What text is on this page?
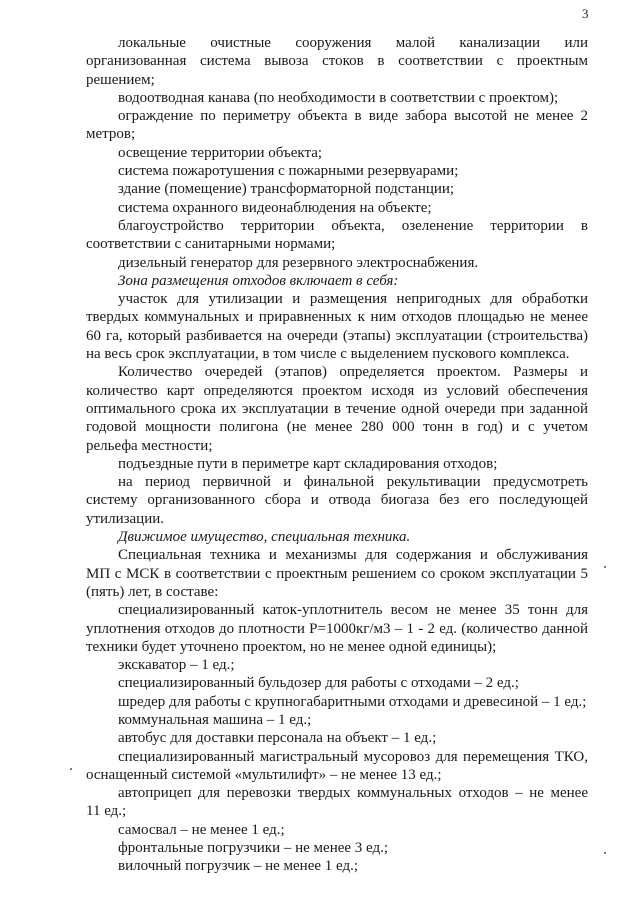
3
локальные очистные сооружения малой канализации или
организованная система вывоза стоков в соответствии с проектным
решением;
водоотводная канава (по необходимости в соответствии с проектом);
ограждение по периметру объекта в виде забора высотой не менее 2
метров;
освещение территории объекта;
система пожаротушения с пожарными резервуарами;
здание (помещение) трансформаторной подстанции;
система охранного видеонаблюдения на объекте;
благоустройство территории объекта, озеленение территории в
соответствии с санитарными нормами;
дизельный генератор для резервного электроснабжения.
Зона размещения отходов включает в себя:
участок для утилизации и размещения непригодных для обработки
твердых коммунальных и приравненных к ним отходов площадью не менее
60 га, который разбивается на очереди (этапы) эксплуатации (строительства)
на весь срок эксплуатации, в том числе с выделением пускового комплекса.
Количество очередей (этапов) определяется проектом. Размеры и
количество карт определяются проектом исходя из условий обеспечения
оптимального срока их эксплуатации в течение одной очереди при заданной
годовой мощности полигона (не менее 280 000 тонн в год) и с учетом
рельефа местности;
подъездные пути в периметре карт складирования отходов;
на период первичной и финальной рекультивации предусмотреть
систему организованного сбора и отвода биогаза без его последующей
утилизации.
Движимое имущество, специальная техника.
Специальная техника и механизмы для содержания и обслуживания
МП с МСК в соответствии с проектным решением со сроком эксплуатации 5
(пять) лет, в составе:
специализированный каток-уплотнитель весом не менее 35 тонн для
уплотнения отходов до плотности Р=1000кг/м3 – 1 - 2 ед. (количество данной
техники будет уточнено проектом, но не менее одной единицы);
экскаватор – 1 ед.;
специализированный бульдозер для работы с отходами – 2 ед.;
шредер для работы с крупногабаритными отходами и древесиной – 1 ед.;
коммунальная машина – 1 ед.;
автобус для доставки персонала на объект – 1 ед.;
специализированный магистральный мусоровоз для перемещения ТКО,
оснащенный системой «мультилифт» – не менее 13 ед.;
автоприцеп для перевозки твердых коммунальных отходов – не менее
11 ед.;
самосвал – не менее 1 ед.;
фронтальные погрузчики – не менее 3 ед.;
вилочный погрузчик – не менее 1 ед.;
